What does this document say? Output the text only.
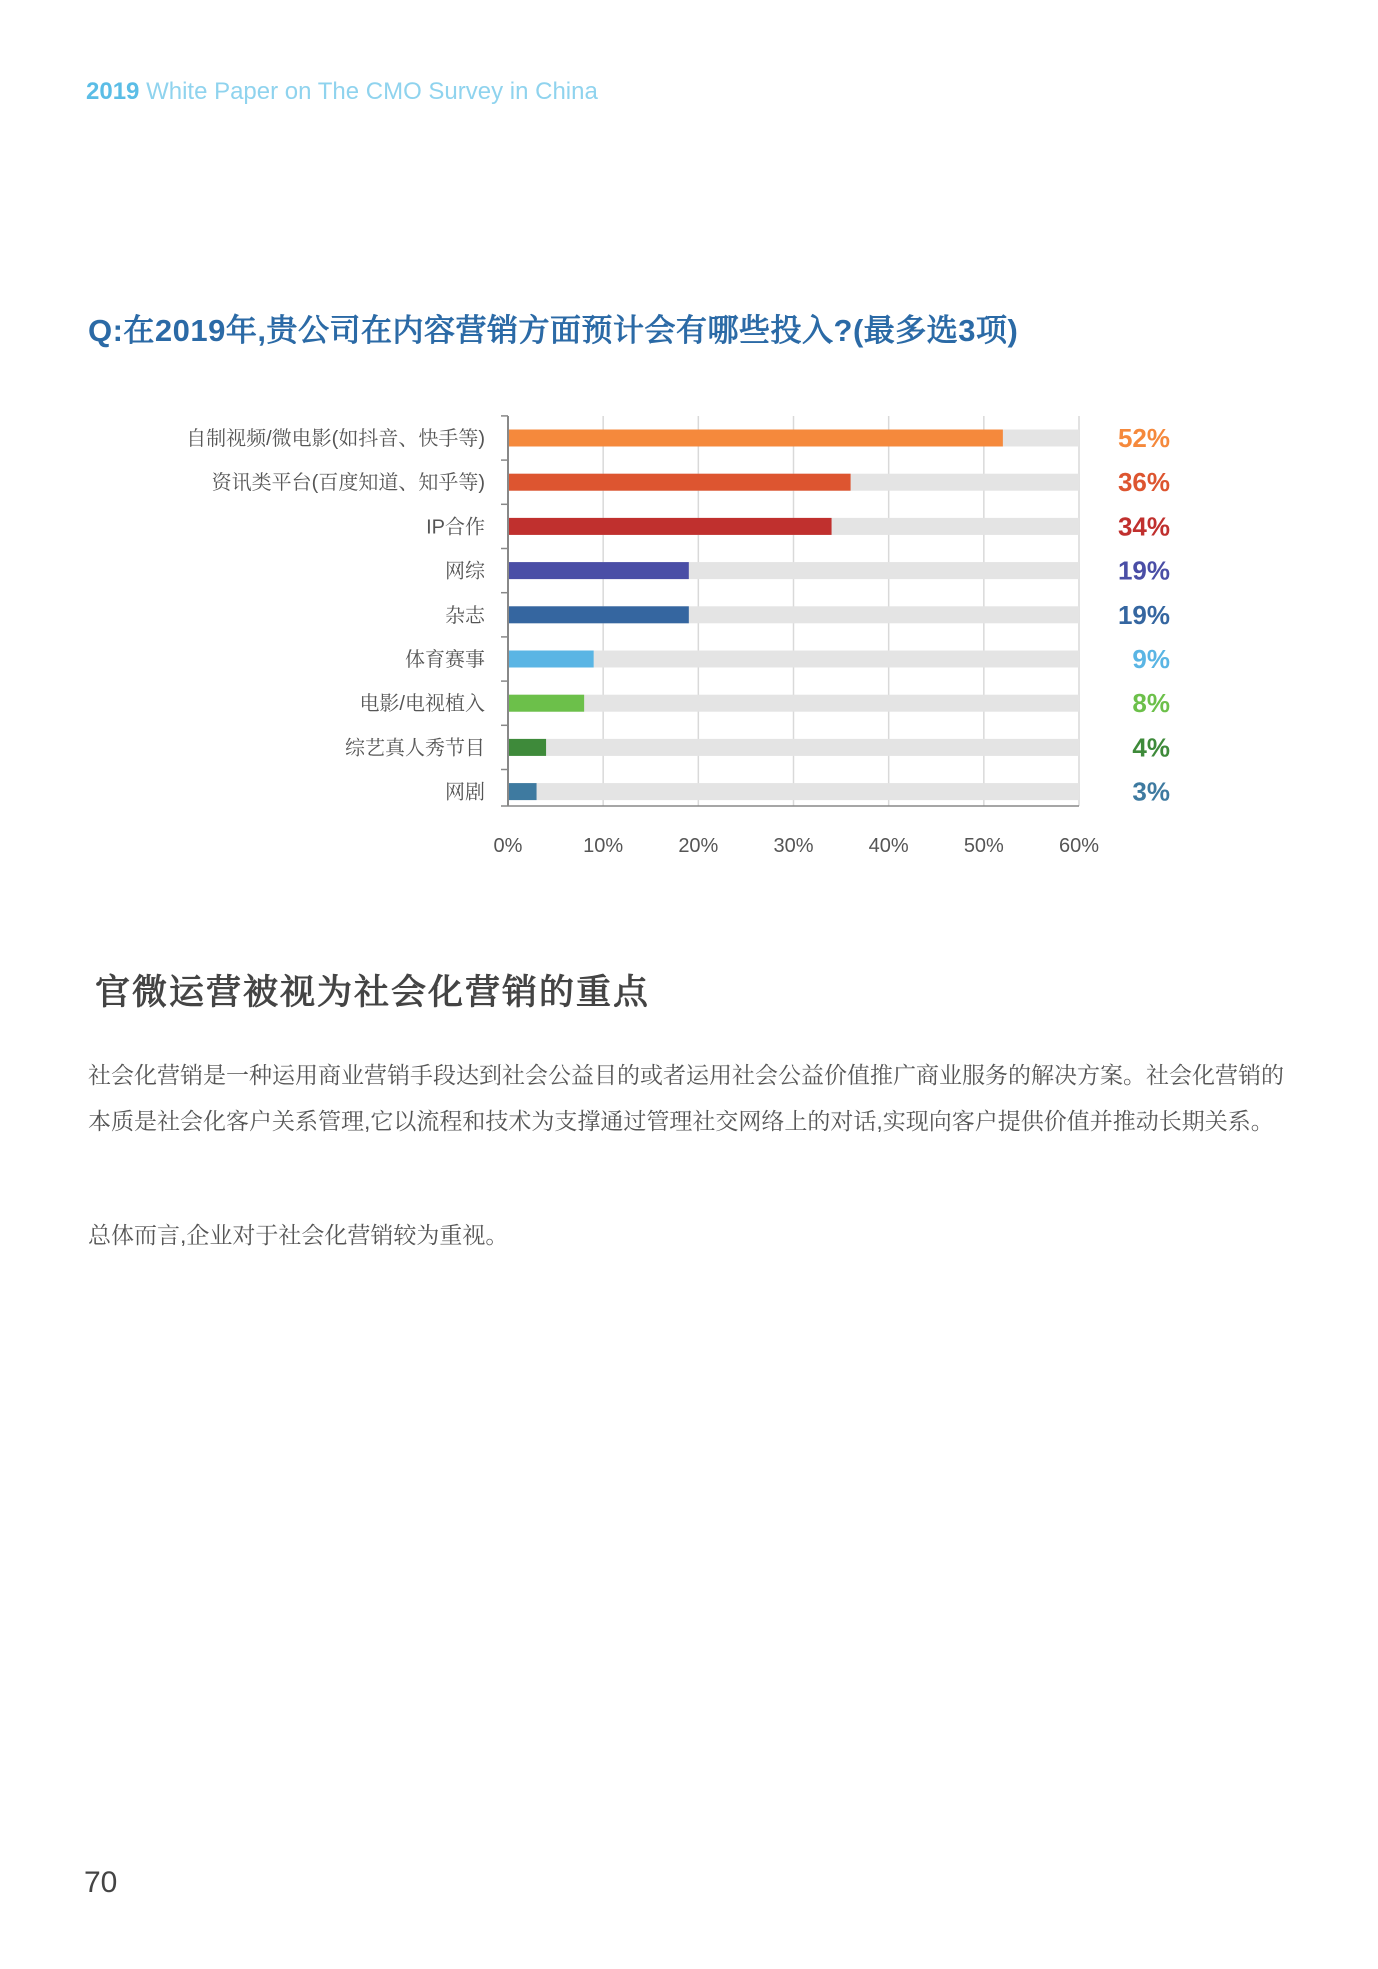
2019 White Paper on The CMO Survey in China
Q:在2019年,贵公司在内容营销方面预计会有哪些投入?(最多选3项)
自制视频/微电影(如抖音、快手等)	52%
资讯类平台(百度知道、知乎等)	36%
IP合作	34%
网综	19%
杂志	19%
体育赛事	9%
电影/电视植入	8%
综艺真人秀节目	4%
网剧	3%
0%	10%	20%	30%	40%	50%	60%
官微运营被视为社会化营销的重点
社会化营销是一种运用商业营销手段达到社会公益目的或者运用社会公益价值推广商业服务的解决方案。社会化营销的本质是社会化客户关系管理,它以流程和技术为支撑通过管理社交网络上的对话,实现向客户提供价值并推动长期关系。
总体而言,企业对于社会化营销较为重视。
70
